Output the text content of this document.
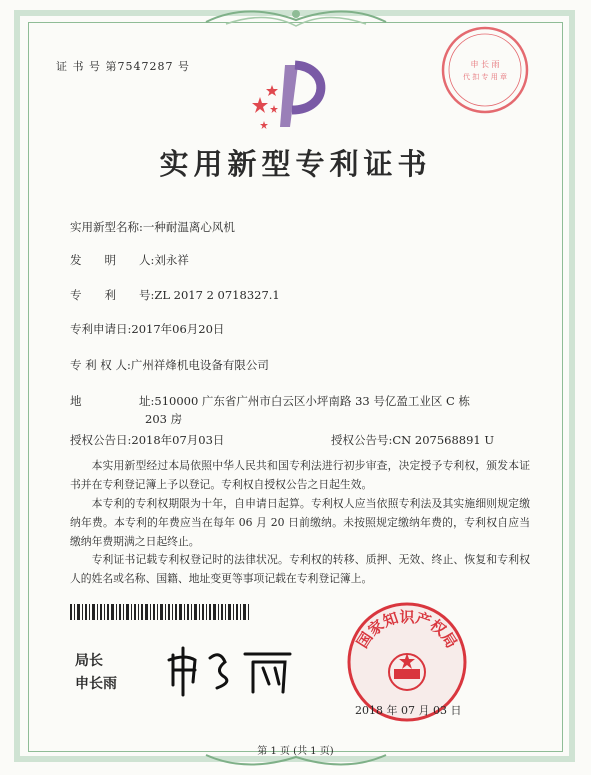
证 书 号 第7547287 号	申 长 雨
代 扣 专 用 章
实用新型专利证书
实用新型名称:一种耐温离心风机
发　　明　　人:刘永祥
专　　利　　号:ZL 2017 2 0718327.1
专利申请日:2017年06月20日
专 利 权 人:广州祥烽机电设备有限公司
地　　　　　址:510000 广东省广州市白云区小坪南路 33 号亿盈工业区 C 栋
203 房
授权公告日:2018年07月03日	授权公告号:CN 207568891 U
本实用新型经过本局依照中华人民共和国专利法进行初步审查，决定授予专利权，颁发本证书并在专利登记簿上予以登记。专利权自授权公告之日起生效。
本专利的专利权期限为十年，自申请日起算。专利权人应当依照专利法及其实施细则规定缴纳年费。本专利的年费应当在每年 06 月 20 日前缴纳。未按照规定缴纳年费的，专利权自应当缴纳年费期满之日起终止。
专利证书记载专利权登记时的法律状况。专利权的转移、质押、无效、终止、恢复和专利权人的姓名或名称、国籍、地址变更等事项记载在专利登记簿上。
局长
申长雨
国家知识产权局
2018 年 07 月 03 日
第 1 页 (共 1 页)
